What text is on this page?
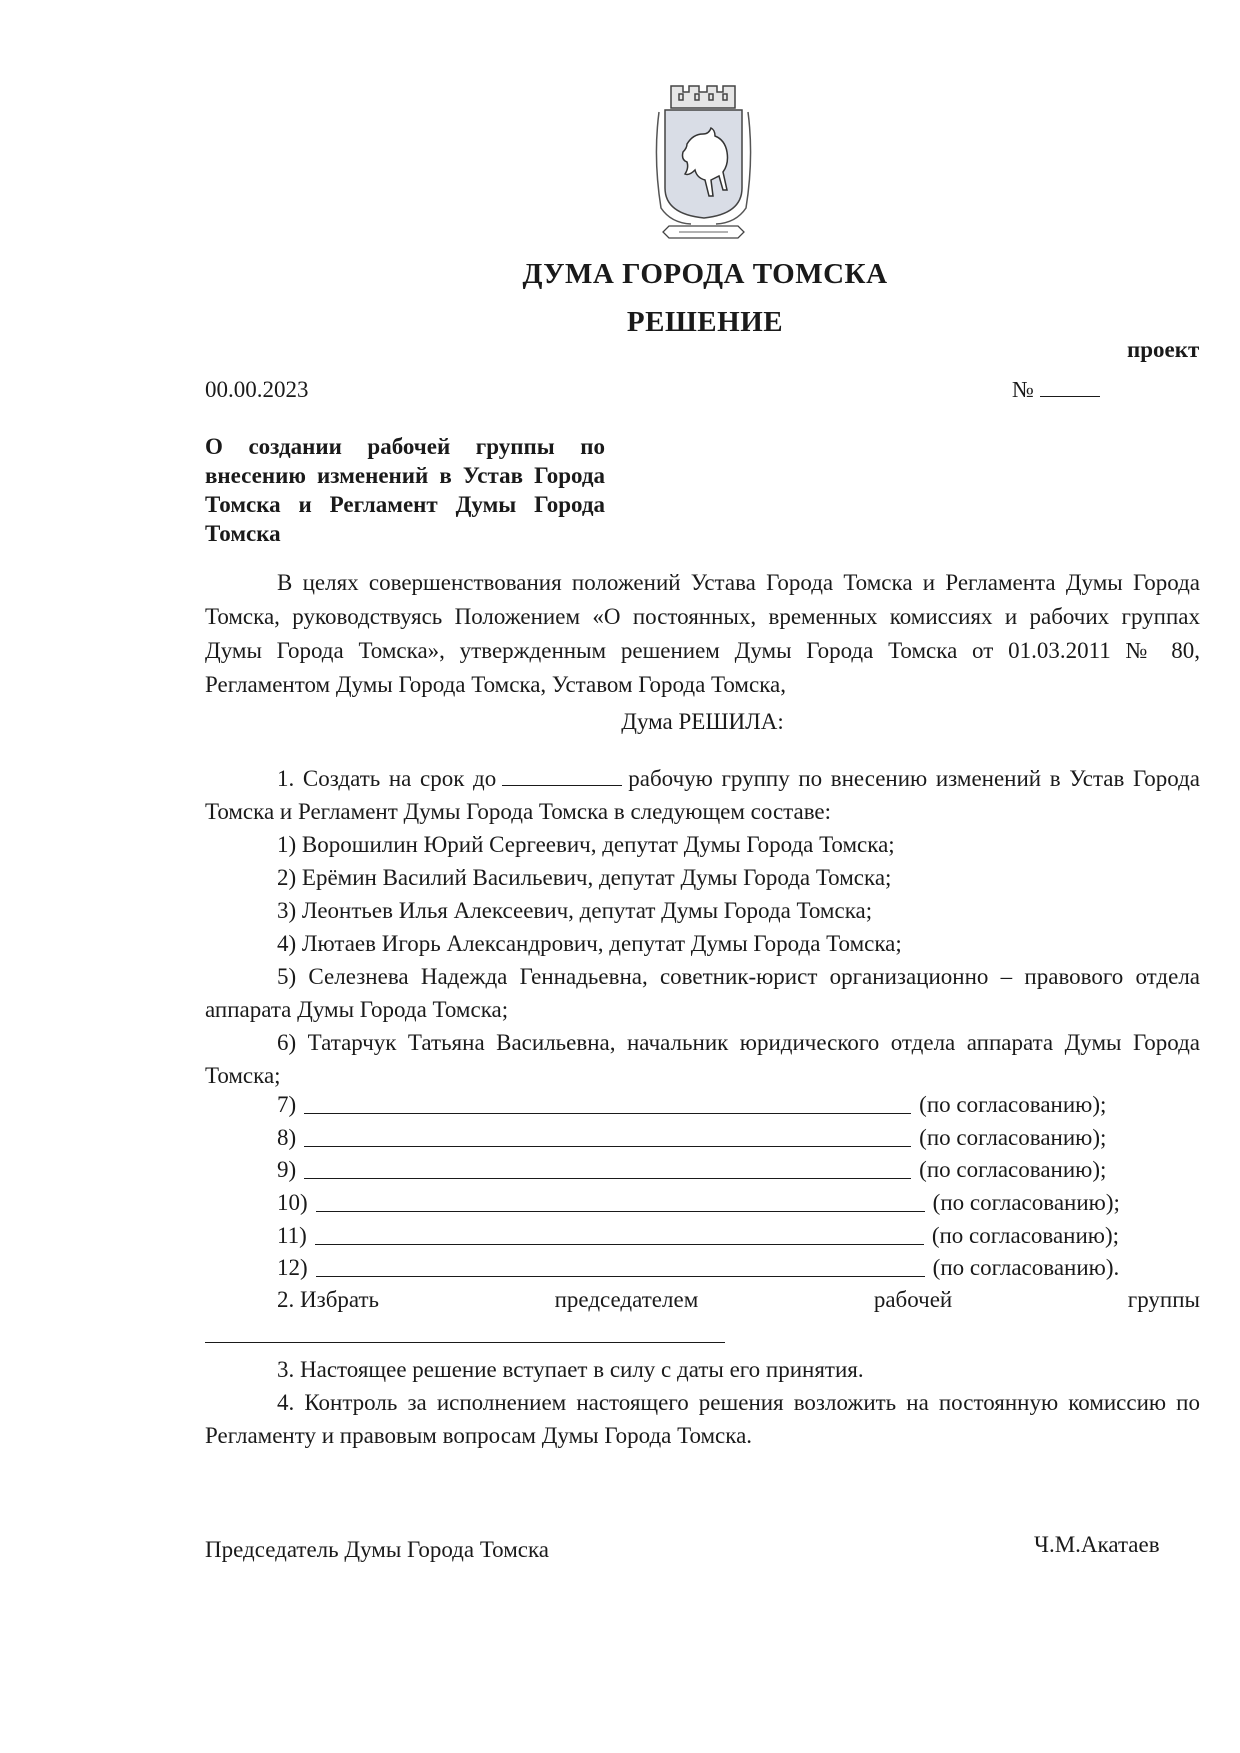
ДУМА ГОРОДА ТОМСКА
РЕШЕНИЕ
проект
00.00.2023	№
О создании рабочей группы по внесению изменений в Устав Города Томска и Регламент Думы Города Томска
В целях совершенствования положений Устава Города Томска и Регламента Думы Города Томска, руководствуясь Положением «О постоянных, временных комиссиях и рабочих группах Думы Города Томска», утвержденным решением Думы Города Томска от 01.03.2011 № 80, Регламентом Думы Города Томска, Уставом Города Томска,
Дума РЕШИЛА:
1. Создать на срок до	рабочую группу по внесению изменений в Устав Города Томска и Регламент Думы Города Томска в следующем составе:
1) Ворошилин Юрий Сергеевич, депутат Думы Города Томска;
2) Ерёмин Василий Васильевич, депутат Думы Города Томска;
3) Леонтьев Илья Алексеевич, депутат Думы Города Томска;
4) Лютаев Игорь Александрович, депутат Думы Города Томска;
5) Селезнева Надежда Геннадьевна, советник-юрист организационно – правового отдела аппарата Думы Города Томска;
6) Татарчук Татьяна Васильевна, начальник юридического отдела аппарата Думы Города Томска;
7)	(по согласованию);
8)	(по согласованию);
9)	(по согласованию);
10)	(по согласованию);
11)	(по согласованию);
12)	(по согласованию).
2. Избрать	председателем	рабочей	группы
3. Настоящее решение вступает в силу с даты его принятия.
4. Контроль за исполнением настоящего решения возложить на постоянную комиссию по Регламенту и правовым вопросам Думы Города Томска.
Председатель Думы Города Томска	Ч.М.Акатаев
